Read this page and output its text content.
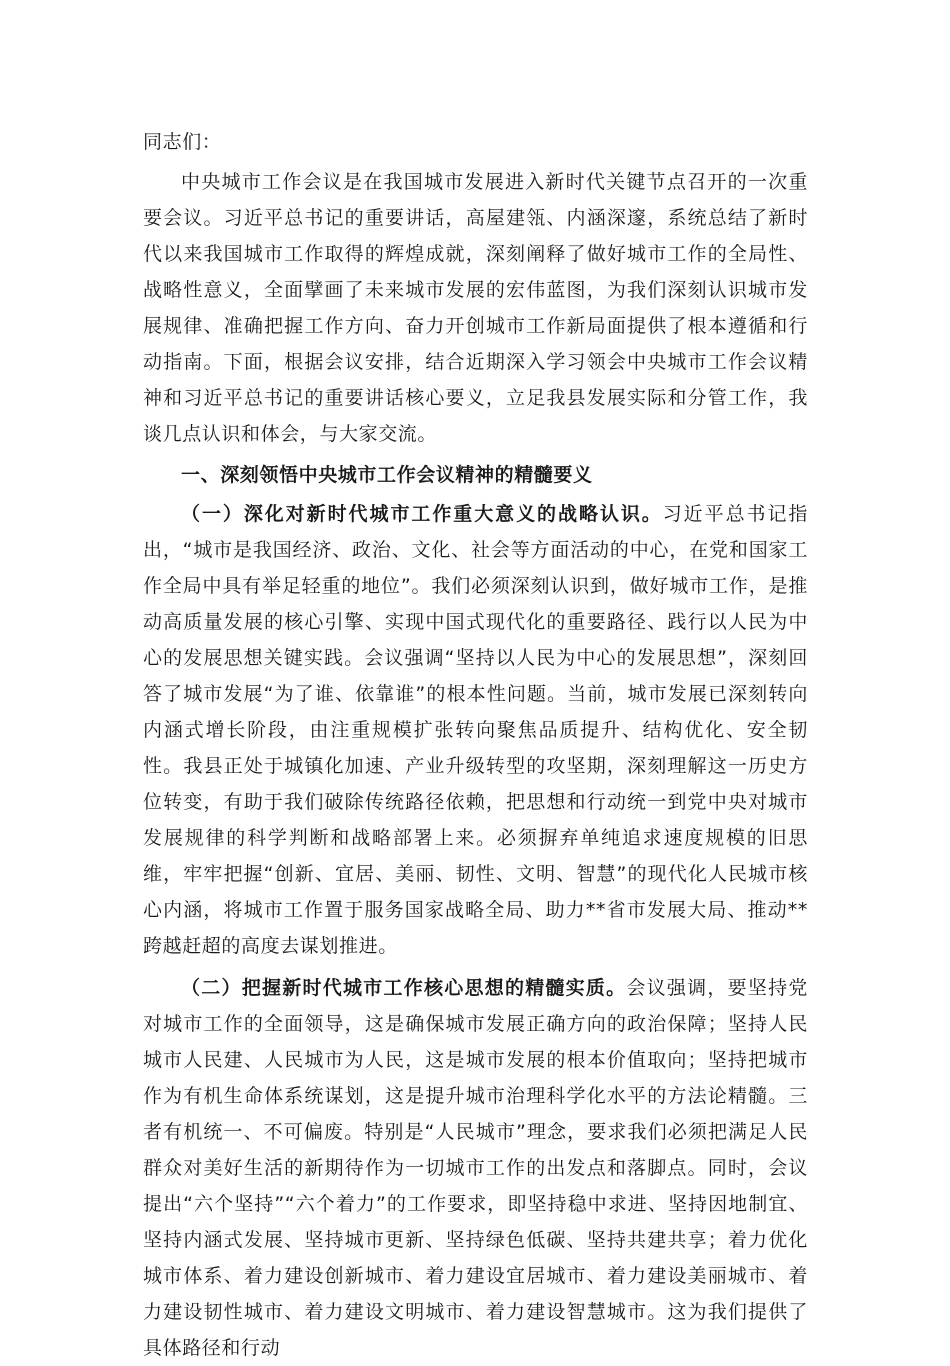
同志们：

中央城市工作会议是在我国城市发展进入新时代关键节点召开的一次重要会议。习近平总书记的重要讲话，高屋建瓴、内涵深邃，系统总结了新时代以来我国城市工作取得的辉煌成就，深刻阐释了做好城市工作的全局性、战略性意义，全面擘画了未来城市发展的宏伟蓝图，为我们深刻认识城市发展规律、准确把握工作方向、奋力开创城市工作新局面提供了根本遵循和行动指南。下面，根据会议安排，结合近期深入学习领会中央城市工作会议精神和习近平总书记的重要讲话核心要义，立足我县发展实际和分管工作，我谈几点认识和体会，与大家交流。

一、深刻领悟中央城市工作会议精神的精髓要义

（一）深化对新时代城市工作重大意义的战略认识。习近平总书记指出，“城市是我国经济、政治、文化、社会等方面活动的中心，在党和国家工作全局中具有举足轻重的地位”。我们必须深刻认识到，做好城市工作，是推动高质量发展的核心引擎、实现中国式现代化的重要路径、践行以人民为中心的发展思想关键实践。会议强调“坚持以人民为中心的发展思想”，深刻回答了城市发展“为了谁、依靠谁”的根本性问题。当前，城市发展已深刻转向内涵式增长阶段，由注重规模扩张转向聚焦品质提升、结构优化、安全韧性。我县正处于城镇化加速、产业升级转型的攻坚期，深刻理解这一历史方位转变，有助于我们破除传统路径依赖，把思想和行动统一到党中央对城市发展规律的科学判断和战略部署上来。必须摒弃单纯追求速度规模的旧思维，牢牢把握“创新、宜居、美丽、韧性、文明、智慧”的现代化人民城市核心内涵，将城市工作置于服务国家战略全局、助力**省市发展大局、推动**跨越赶超的高度去谋划推进。

（二）把握新时代城市工作核心思想的精髓实质。会议强调，要坚持党对城市工作的全面领导，这是确保城市发展正确方向的政治保障；坚持人民城市人民建、人民城市为人民，这是城市发展的根本价值取向；坚持把城市作为有机生命体系统谋划，这是提升城市治理科学化水平的方法论精髓。三者有机统一、不可偏废。特别是“人民城市”理念，要求我们必须把满足人民群众对美好生活的新期待作为一切城市工作的出发点和落脚点。同时，会议提出“六个坚持”“六个着力”的工作要求，即坚持稳中求进、坚持因地制宜、坚持内涵式发展、坚持城市更新、坚持绿色低碳、坚持共建共享；着力优化城市体系、着力建设创新城市、着力建设宜居城市、着力建设美丽城市、着力建设韧性城市、着力建设文明城市、着力建设智慧城市。这为我们提供了具体路径和行动
